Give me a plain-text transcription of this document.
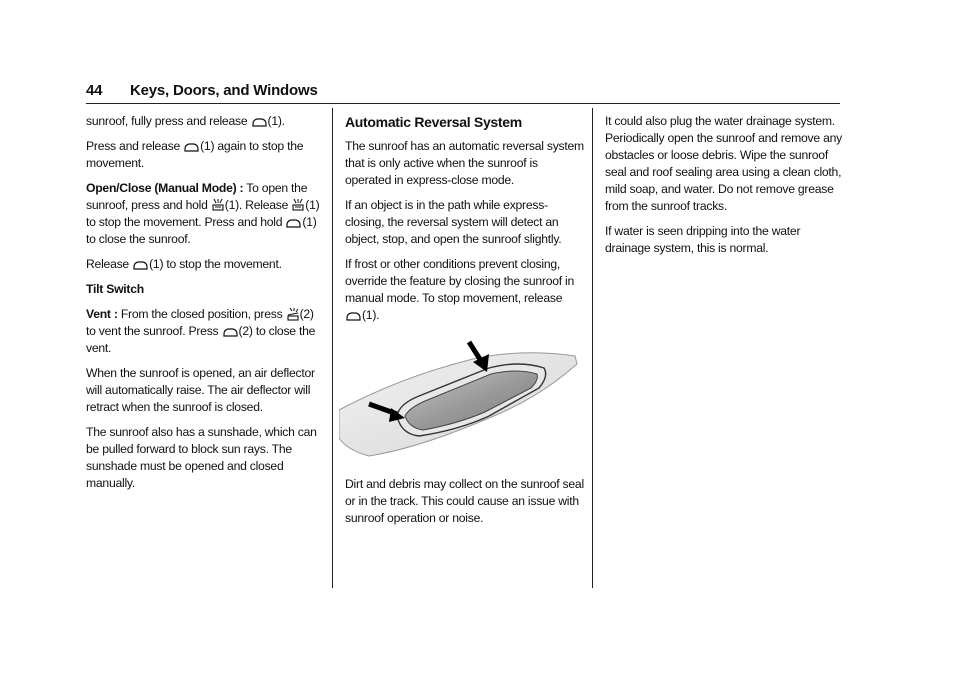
44 Keys, Doors, and Windows

sunroof, fully press and release (1).

Press and release (1) again to stop the movement.

Open/Close (Manual Mode) : To open the sunroof, press and hold (1). Release (1) to stop the movement. Press and hold (1) to close the sunroof.

Release (1) to stop the movement.

Tilt Switch

Vent : From the closed position, press (2) to vent the sunroof. Press (2) to close the vent.

When the sunroof is opened, an air deflector will automatically raise. The air deflector will retract when the sunroof is closed.

The sunroof also has a sunshade, which can be pulled forward to block sun rays. The sunshade must be opened and closed manually.

Automatic Reversal System

The sunroof has an automatic reversal system that is only active when the sunroof is operated in express-close mode.

If an object is in the path while express-closing, the reversal system will detect an object, stop, and open the sunroof slightly.

If frost or other conditions prevent closing, override the feature by closing the sunroof in manual mode. To stop movement, release

(1).

Dirt and debris may collect on the sunroof seal or in the track. This could cause an issue with sunroof operation or noise.

It could also plug the water drainage system. Periodically open the sunroof and remove any obstacles or loose debris. Wipe the sunroof seal and roof sealing area using a clean cloth, mild soap, and water. Do not remove grease from the sunroof tracks.

If water is seen dripping into the water drainage system, this is normal.
